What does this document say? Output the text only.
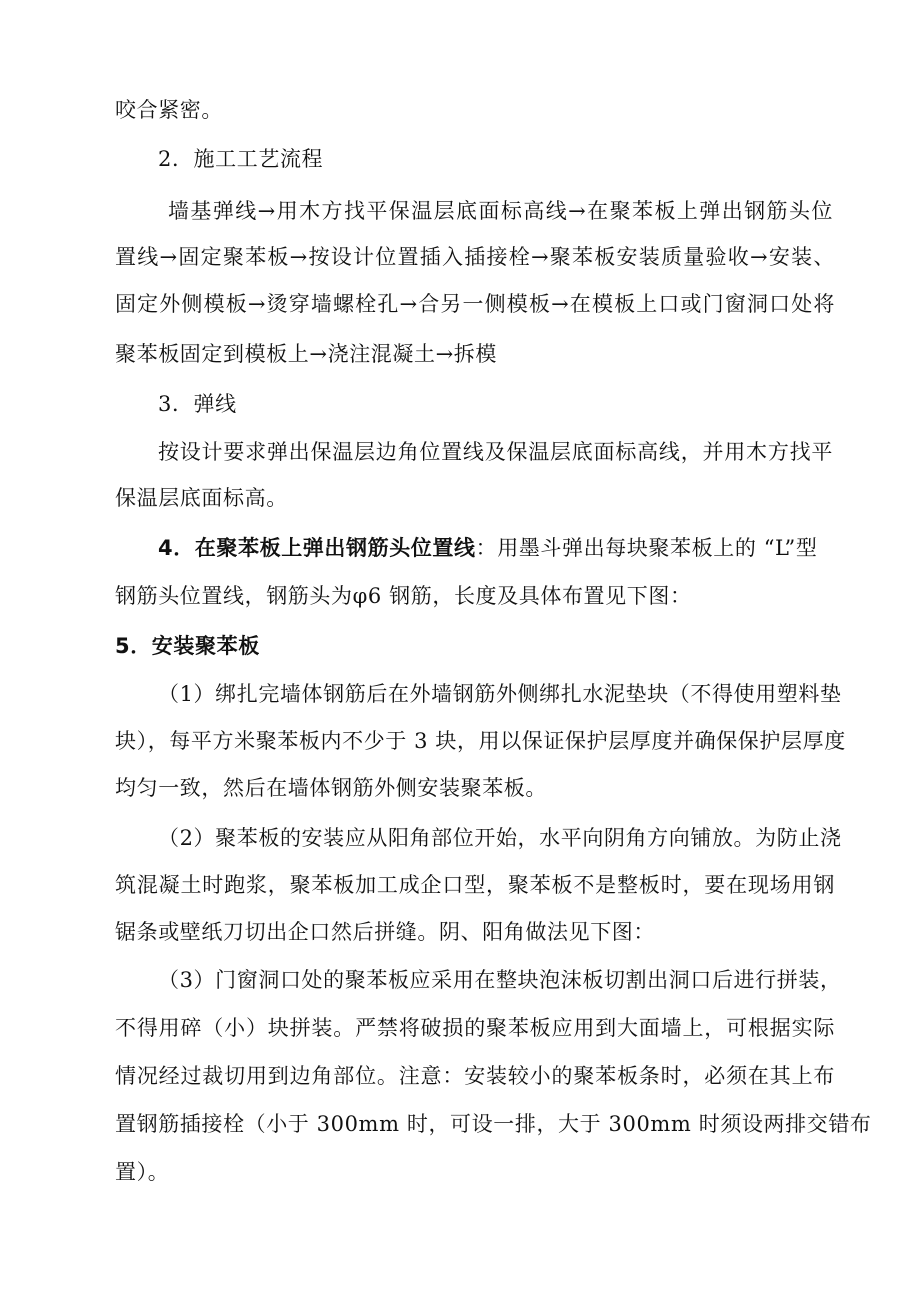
咬合紧密。
2．施工工艺流程
墙基弹线→用木方找平保温层底面标高线→在聚苯板上弹出钢筋头位
置线→固定聚苯板→按设计位置插入插接栓→聚苯板安装质量验收→安装、
固定外侧模板→烫穿墙螺栓孔→合另一侧模板→在模板上口或门窗洞口处将
聚苯板固定到模板上→浇注混凝土→拆模
3．弹线
按设计要求弹出保温层边角位置线及保温层底面标高线，并用木方找平
保温层底面标高。
4．在聚苯板上弹出钢筋头位置线：用墨斗弹出每块聚苯板上的 “L”型
钢筋头位置线，钢筋头为φ6 钢筋，长度及具体布置见下图：
5．安装聚苯板
（1）绑扎完墙体钢筋后在外墙钢筋外侧绑扎水泥垫块（不得使用塑料垫
块），每平方米聚苯板内不少于 3 块，用以保证保护层厚度并确保保护层厚度
均匀一致，然后在墙体钢筋外侧安装聚苯板。
（2）聚苯板的安装应从阳角部位开始，水平向阴角方向铺放。为防止浇
筑混凝土时跑浆，聚苯板加工成企口型，聚苯板不是整板时，要在现场用钢
锯条或壁纸刀切出企口然后拼缝。阴、阳角做法见下图：
（3）门窗洞口处的聚苯板应采用在整块泡沫板切割出洞口后进行拼装，
不得用碎（小）块拼装。严禁将破损的聚苯板应用到大面墙上，可根据实际
情况经过裁切用到边角部位。注意：安装较小的聚苯板条时，必须在其上布
置钢筋插接栓（小于 300mm 时，可设一排，大于 300mm 时须设两排交错布
置）。
